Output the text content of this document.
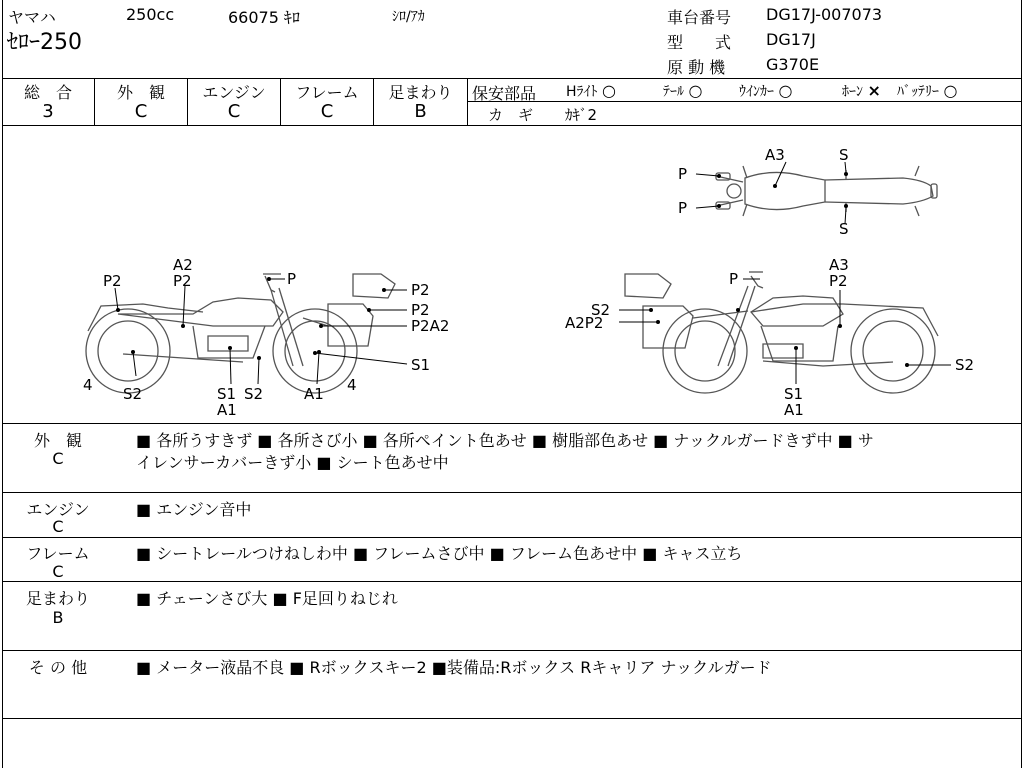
ヤマハ	250cc	66075 ｷﾛ	ｼﾛ/ｱｶ
ｾﾛｰ250
車台番号 DG17J-007073
型　　式 DG17J
原 動 機	G370E
総　合
3
外　観
C
エンジン
C
フレーム
C
足まわり
B
保安部品 Hﾗｲﾄ ○	ﾃｰﾙ ○	ｳｲﾝｶｰ ○	ﾎｰﾝ × ﾊﾞｯﾃﾘｰ ○
カ　ギ ｶｷﾞ2
A3	S
S
P
P
P2
A2
P2	P
P2
P2
P2A2
S1
4 S2	S1 S2
A1
A1 4
P
A3
P2
S2
A2P2
S2
S1
A1
外　観
C
■ 各所うすきず ■ 各所さび小 ■ 各所ペイント色あせ ■ 樹脂部色あせ ■ ナックルガードきず中 ■ サ
イレンサーカバーきず小 ■ シート色あせ中
エンジン
C
■ エンジン音中
フレーム
C
■ シートレールつけねしわ中 ■ フレームさび中 ■ フレーム色あせ中 ■ キャス立ち
足まわり
B
■ チェーンさび大 ■ F足回りねじれ
そ の 他	■ メーター液晶不良 ■ Rボックスキー2 ■装備品:Rボックス Rキャリア ナックルガード
